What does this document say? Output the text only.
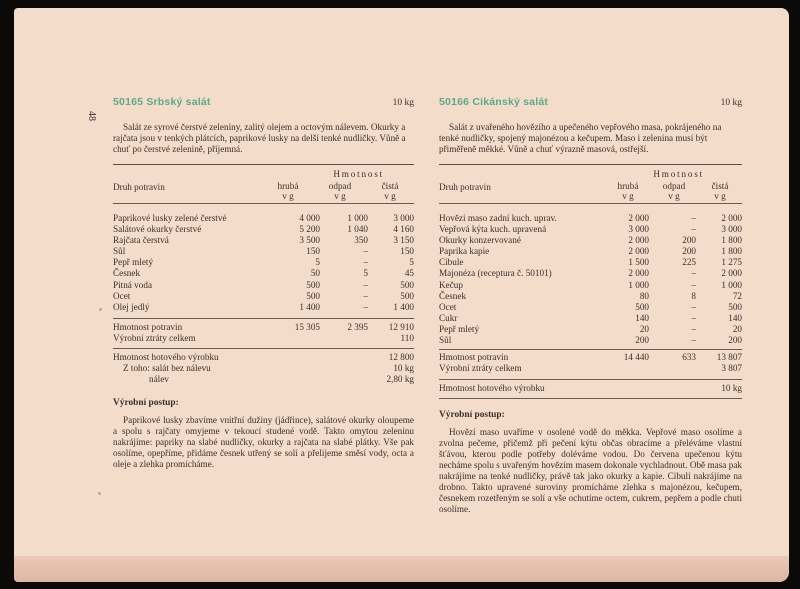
48
50165 Srbský salát	10 kg
Salát ze syrové čerstvé zeleniny, zalitý olejem a octovým nálevem. Okurky a rajčata jsou v tenkých plátcích, paprikové lusky na delší tenké nudličky. Vůně a chuť po čerstvé zelenině, příjemná.
Hmotnost
Druh potravin	hrubá	odpad	čistá
v g	v g	v g
Paprikové lusky zelené čerstvé	4 000	1 000	3 000
Salátové okurky čerstvé	5 200	1 040	4 160
Rajčata čerstvá	3 500	350	3 150
Sůl	150	–	150
Pepř mletý	5	–	5
Česnek	50	5	45
Pitná voda	500	–	500
Ocet	500	–	500
Olej jedlý	1 400	–	1 400
Hmotnost potravin	15 305	2 395	12 910
Výrobní ztráty celkem	110
Hmotnost hotového výrobku	12 800
Z toho: salát bez nálevu	10 kg
nálev	2,80 kg
Výrobní postup:
Paprikové lusky zbavíme vnitřní dužiny (jádřince), salátové okurky oloupeme a spolu s rajčaty omyjeme v tekoucí studené vodě. Takto omytou zeleninu nakrájíme: papriky na slabé nudličky, okurky a rajčata na slabé plátky. Vše pak osolíme, opepříme, přidáme česnek utřený se solí a přelijeme směsí vody, octa a oleje a zlehka promícháme.
50166 Cikánský salát	10 kg
Salát z uvařeného hovězího a upečeného vepřového masa, pokrájeného na tenké nudličky, spojený majonézou a kečupem. Maso i zelenina musí být přiměřeně měkké. Vůně a chuť výrazně masová, ostřejší.
Hmotnost
Druh potravin	hrubá	odpad	čistá
v g	v g	v g
Hovězí maso zadní kuch. uprav.	2 000	–	2 000
Vepřová kýta kuch. upravená	3 000	–	3 000
Okurky konzervované	2 000	200	1 800
Paprika kapie	2 000	200	1 800
Cibule	1 500	225	1 275
Majonéza (receptura č. 50101)	2 000	–	2 000
Kečup	1 000	–	1 000
Česnek	80	8	72
Ocet	500	–	500
Cukr	140	–	140
Pepř mletý	20	–	20
Sůl	200	–	200
Hmotnost potravin	14 440	633	13 807
Výrobní ztráty celkem	3 807
Hmotnost hotového výrobku	10 kg
Výrobní postup:
Hovězí maso uvaříme v osolené vodě do měkka. Vepřové maso osolíme a zvolna pečeme, přičemž při pečení kýtu občas obracíme a přeléváme vlastní šťávou, kterou podle potřeby doléváme vodou. Do červena upečenou kýtu necháme spolu s uvařeným hovězím masem dokonale vychladnout. Obě masa pak nakrájíme na tenké nudličky, právě tak jako okurky a kapie. Cibuli nakrájíme na drobno. Takto upravené suroviny promícháme zlehka s majonézou, kečupem, česnekem rozetřeným se solí a vše ochutíme octem, cukrem, pepřem a podle chuti osolíme.
